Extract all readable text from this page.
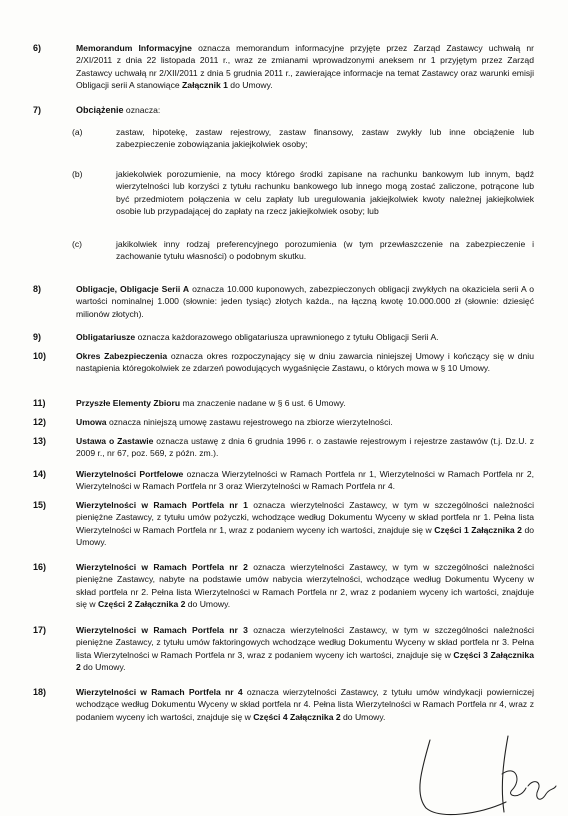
6)	Memorandum Informacyjne oznacza memorandum informacyjne przyjęte przez Zarząd Zastawcy uchwałą nr 2/XI/2011 z dnia 22 listopada 2011 r., wraz ze zmianami wprowadzonymi aneksem nr 1 przyjętym przez Zarząd Zastawcy uchwałą nr 2/XII/2011 z dnia 5 grudnia 2011 r., zawierające informacje na temat Zastawcy oraz warunki emisji Obligacji serii A stanowiące Załącznik 1 do Umowy.
7)	Obciążenie oznacza:
(a)	zastaw, hipotekę, zastaw rejestrowy, zastaw finansowy, zastaw zwykły lub inne obciążenie lub zabezpieczenie zobowiązania jakiejkolwiek osoby;
(b)	jakiekolwiek porozumienie, na mocy którego środki zapisane na rachunku bankowym lub innym, bądź wierzytelności lub korzyści z tytułu rachunku bankowego lub innego mogą zostać zaliczone, potrącone lub być przedmiotem połączenia w celu zapłaty lub uregulowania jakiejkolwiek kwoty należnej jakiejkolwiek osobie lub przypadającej do zapłaty na rzecz jakiejkolwiek osoby; lub
(c)	jakikolwiek inny rodzaj preferencyjnego porozumienia (w tym przewłaszczenie na zabezpieczenie i zachowanie tytułu własności) o podobnym skutku.
8)	Obligacje, Obligacje Serii A oznacza 10.000 kuponowych, zabezpieczonych obligacji zwykłych na okaziciela serii A o wartości nominalnej 1.000 (słownie: jeden tysiąc) złotych każda., na łączną kwotę 10.000.000 zł (słownie: dziesięć milionów złotych).
9)	Obligatariusze oznacza każdorazowego obligatariusza uprawnionego z tytułu Obligacji Serii A.
10)	Okres Zabezpieczenia oznacza okres rozpoczynający się w dniu zawarcia niniejszej Umowy i kończący się w dniu nastąpienia któregokolwiek ze zdarzeń powodujących wygaśnięcie Zastawu, o których mowa w § 10 Umowy.
11)	Przyszłe Elementy Zbioru ma znaczenie nadane w § 6 ust. 6 Umowy.
12)	Umowa oznacza niniejszą umowę zastawu rejestrowego na zbiorze wierzytelności.
13)	Ustawa o Zastawie oznacza ustawę z dnia 6 grudnia 1996 r. o zastawie rejestrowym i rejestrze zastawów (t.j. Dz.U. z 2009 r., nr 67, poz. 569, z późn. zm.).
14)	Wierzytelności Portfelowe oznacza Wierzytelności w Ramach Portfela nr 1, Wierzytelności w Ramach Portfela nr 2, Wierzytelności w Ramach Portfela nr 3 oraz Wierzytelności w Ramach Portfela nr 4.
15)	Wierzytelności w Ramach Portfela nr 1 oznacza wierzytelności Zastawcy, w tym w szczególności należności pieniężne Zastawcy, z tytułu umów pożyczki, wchodzące według Dokumentu Wyceny w skład portfela nr 1. Pełna lista Wierzytelności w Ramach Portfela nr 1, wraz z podaniem wyceny ich wartości, znajduje się w Części 1 Załącznika 2 do Umowy.
16)	Wierzytelności w Ramach Portfela nr 2 oznacza wierzytelności Zastawcy, w tym w szczególności należności pieniężne Zastawcy, nabyte na podstawie umów nabycia wierzytelności, wchodzące według Dokumentu Wyceny w skład portfela nr 2. Pełna lista Wierzytelności w Ramach Portfela nr 2, wraz z podaniem wyceny ich wartości, znajduje się w Części 2 Załącznika 2 do Umowy.
17)	Wierzytelności w Ramach Portfela nr 3 oznacza wierzytelności Zastawcy, w tym w szczególności należności pieniężne Zastawcy, z tytułu umów faktoringowych wchodzące według Dokumentu Wyceny w skład portfela nr 3. Pełna lista Wierzytelności w Ramach Portfela nr 3, wraz z podaniem wyceny ich wartości, znajduje się w Części 3 Załącznika 2 do Umowy.
18)	Wierzytelności w Ramach Portfela nr 4 oznacza wierzytelności Zastawcy, z tytułu umów windykacji powierniczej wchodzące według Dokumentu Wyceny w skład portfela nr 4. Pełna lista Wierzytelności w Ramach Portfela nr 4, wraz z podaniem wyceny ich wartości, znajduje się w Części 4 Załącznika 2 do Umowy.
